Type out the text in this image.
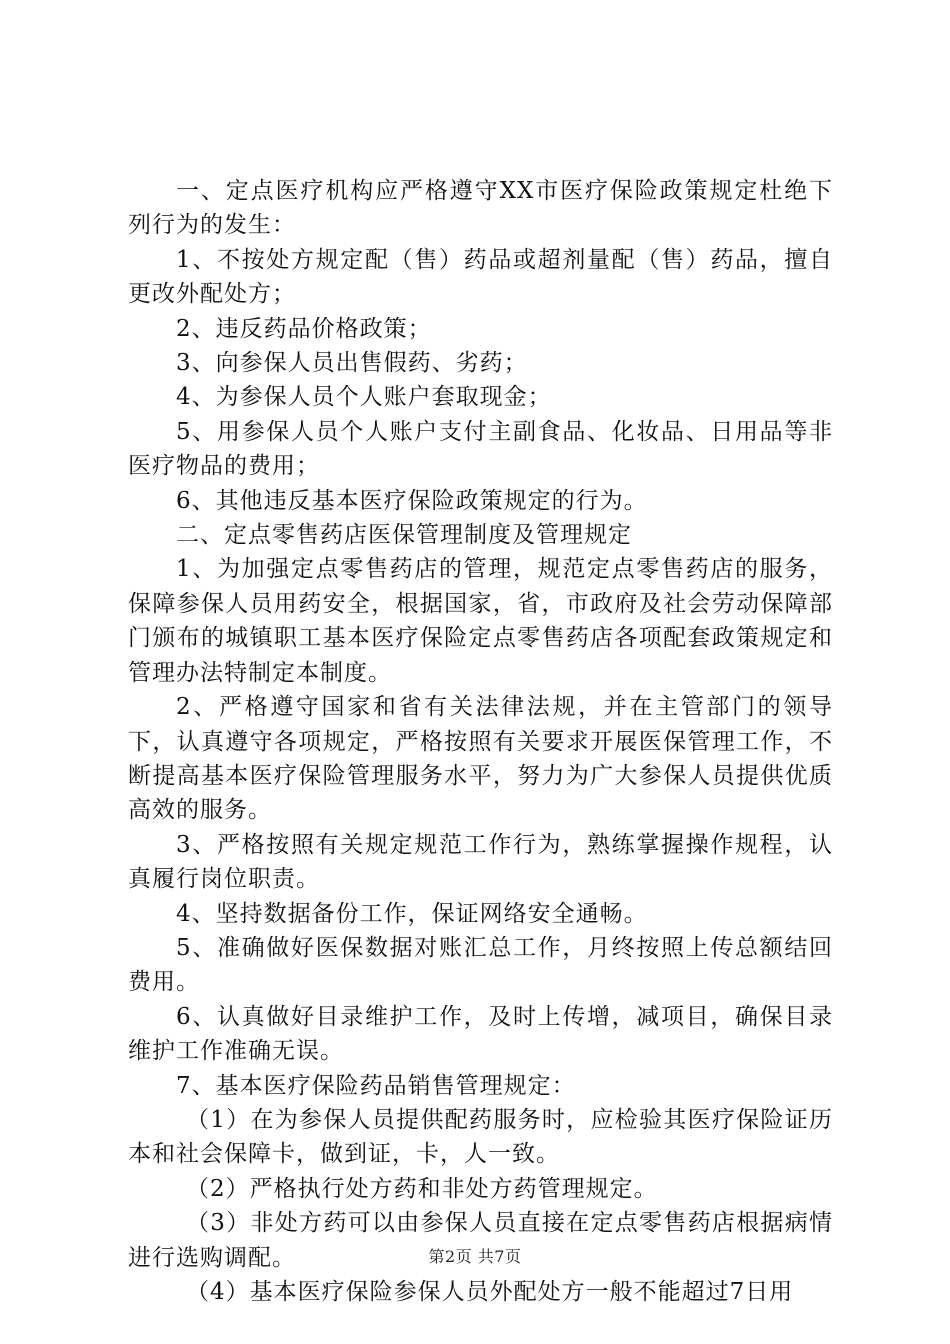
一、定点医疗机构应严格遵守XX市医疗保险政策规定杜绝下列行为的发生：

1、不按处方规定配（售）药品或超剂量配（售）药品，擅自更改外配处方；

2、违反药品价格政策；

3、向参保人员出售假药、劣药；

4、为参保人员个人账户套取现金；

5、用参保人员个人账户支付主副食品、化妆品、日用品等非医疗物品的费用；

6、其他违反基本医疗保险政策规定的行为。

二、定点零售药店医保管理制度及管理规定

1、为加强定点零售药店的管理，规范定点零售药店的服务，保障参保人员用药安全，根据国家，省，市政府及社会劳动保障部门颁布的城镇职工基本医疗保险定点零售药店各项配套政策规定和管理办法特制定本制度。

2、严格遵守国家和省有关法律法规，并在主管部门的领导下，认真遵守各项规定，严格按照有关要求开展医保管理工作，不断提高基本医疗保险管理服务水平，努力为广大参保人员提供优质高效的服务。

3、严格按照有关规定规范工作行为，熟练掌握操作规程，认真履行岗位职责。

4、坚持数据备份工作，保证网络安全通畅。

5、准确做好医保数据对账汇总工作，月终按照上传总额结回费用。

6、认真做好目录维护工作，及时上传增，减项目，确保目录维护工作准确无误。

7、基本医疗保险药品销售管理规定：

（1）在为参保人员提供配药服务时，应检验其医疗保险证历本和社会保障卡，做到证，卡，人一致。

（2）严格执行处方药和非处方药管理规定。

（3）非处方药可以由参保人员直接在定点零售药店根据病情进行选购调配。

（4）基本医疗保险参保人员外配处方一般不能超过7日用

第2页 共7页
